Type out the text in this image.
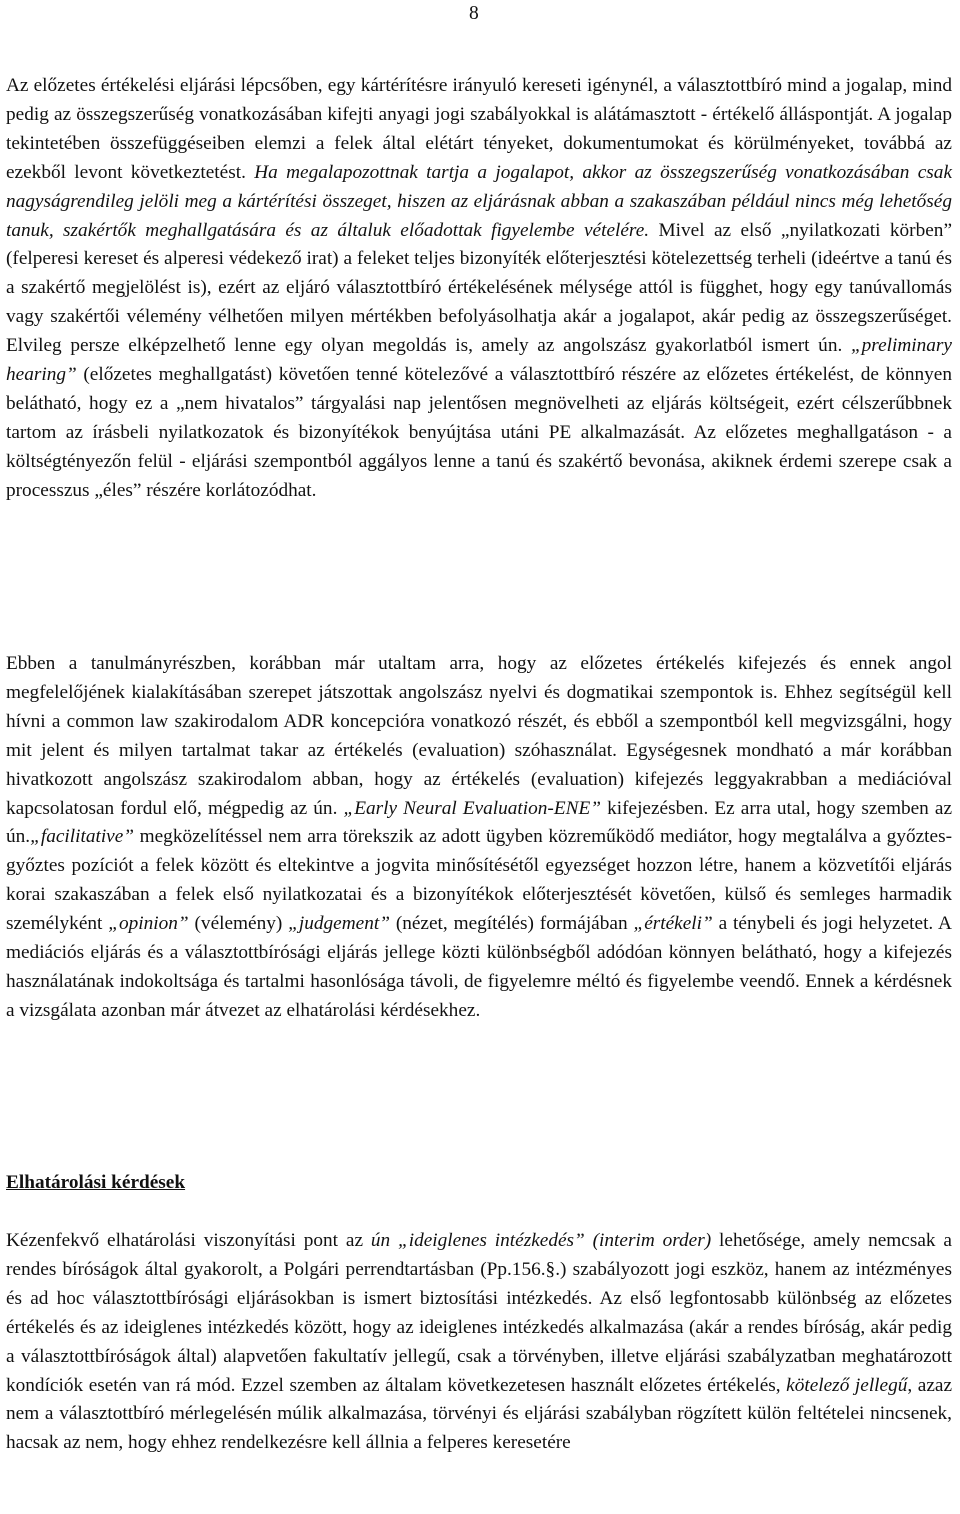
8

Az előzetes értékelési eljárási lépcsőben, egy kártérítésre irányuló kereseti igénynél, a választottbíró mind a jogalap, mind pedig az összegszerűség vonatkozásában kifejti anyagi jogi szabályokkal is alátámasztott - értékelő álláspontját. A jogalap tekintetében összefüggéseiben elemzi a felek által elétárt tényeket, dokumentumokat és körülményeket, továbbá az ezekből levont következtetést. Ha megalapozottnak tartja a jogalapot, akkor az összegszerűség vonatkozásában csak nagyságrendileg jelöli meg a kártérítési összeget, hiszen az eljárásnak abban a szakaszában például nincs még lehetőség tanuk, szakértők meghallgatására és az általuk előadottak figyelembe vételére. Mivel az első „nyilatkozati körben” (felperesi kereset és alperesi védekező irat) a feleket teljes bizonyíték előterjesztési kötelezettség terheli (ideértve a tanú és a szakértő megjelölést is), ezért az eljáró választottbíró értékelésének mélysége attól is függhet, hogy egy tanúvallomás vagy szakértői vélemény vélhetően milyen mértékben befolyásolhatja akár a jogalapot, akár pedig az összegszerűséget. Elvileg persze elképzelhető lenne egy olyan megoldás is, amely az angolszász gyakorlatból ismert ún. „preliminary hearing” (előzetes meghallgatást) követően tenné kötelezővé a választottbíró részére az előzetes értékelést, de könnyen belátható, hogy ez a „nem hivatalos” tárgyalási nap jelentősen megnövelheti az eljárás költségeit, ezért célszerűbbnek tartom az írásbeli nyilatkozatok és bizonyítékok benyújtása utáni PE alkalmazását. Az előzetes meghallgatáson - a költségtényezőn felül - eljárási szempontból aggályos lenne a tanú és szakértő bevonása, akiknek érdemi szerepe csak a processzus „éles” részére korlátozódhat.

Ebben a tanulmányrészben, korábban már utaltam arra, hogy az előzetes értékelés kifejezés és ennek angol megfelelőjének kialakításában szerepet játszottak angolszász nyelvi és dogmatikai szempontok is. Ehhez segítségül kell hívni a common law szakirodalom ADR koncepcióra vonatkozó részét, és ebből a szempontból kell megvizsgálni, hogy mit jelent és milyen tartalmat takar az értékelés (evaluation) szóhasználat. Egységesnek mondható a már korábban hivatkozott angolszász szakirodalom abban, hogy az értékelés (evaluation) kifejezés leggyakrabban a mediációval kapcsolatosan fordul elő, mégpedig az ún. „Early Neural Evaluation-ENE” kifejezésben. Ez arra utal, hogy szemben az ún.„facilitative” megközelítéssel nem arra törekszik az adott ügyben közreműködő mediátor, hogy megtalálva a győztes-győztes pozíciót a felek között és eltekintve a jogvita minősítésétől egyezséget hozzon létre, hanem a közvetítői eljárás korai szakaszában a felek első nyilatkozatai és a bizonyítékok előterjesztését követően, külső és semleges harmadik személyként „opinion” (vélemény) „judgement” (nézet, megítélés) formájában „értékeli” a ténybeli és jogi helyzetet. A mediációs eljárás és a választottbírósági eljárás jellege közti különbségből adódóan könnyen belátható, hogy a kifejezés használatának indokoltsága és tartalmi hasonlósága távoli, de figyelemre méltó és figyelembe veendő. Ennek a kérdésnek a vizsgálata azonban már átvezet az elhatárolási kérdésekhez.

Elhatárolási kérdések

Kézenfekvő elhatárolási viszonyítási pont az ún „ideiglenes intézkedés” (interim order) lehetősége, amely nemcsak a rendes bíróságok által gyakorolt, a Polgári perrendtartásban (Pp.156.§.) szabályozott jogi eszköz, hanem az intézményes és ad hoc választottbírósági eljárásokban is ismert biztosítási intézkedés. Az első legfontosabb különbség az előzetes értékelés és az ideiglenes intézkedés között, hogy az ideiglenes intézkedés alkalmazása (akár a rendes bíróság, akár pedig a választottbíróságok által) alapvetően fakultatív jellegű, csak a törvényben, illetve eljárási szabályzatban meghatározott kondíciók esetén van rá mód. Ezzel szemben az általam következetesen használt előzetes értékelés, kötelező jellegű, azaz nem a választottbíró mérlegelésén múlik alkalmazása, törvényi és eljárási szabályban rögzített külön feltételei nincsenek, hacsak az nem, hogy ehhez rendelkezésre kell állnia a felperes keresetére
